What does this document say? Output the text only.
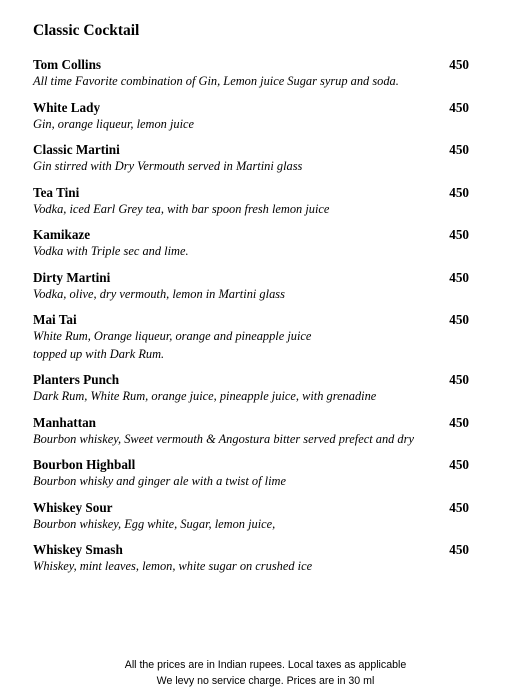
Classic Cocktail
Tom Collins	450
All time Favorite combination of Gin, Lemon juice Sugar syrup and soda.
White Lady	450
Gin, orange liqueur, lemon juice
Classic Martini	450
Gin stirred with Dry Vermouth served in Martini glass
Tea Tini	450
Vodka, iced Earl Grey tea, with bar spoon fresh lemon juice
Kamikaze	450
Vodka with Triple sec and lime.
Dirty Martini	450
Vodka, olive, dry vermouth, lemon in Martini glass
Mai Tai	450
White Rum, Orange liqueur, orange and pineapple juice
topped up with Dark Rum.
Planters Punch	450
Dark Rum, White Rum, orange juice, pineapple juice, with grenadine
Manhattan	450
Bourbon whiskey, Sweet vermouth & Angostura bitter served prefect and dry
Bourbon Highball	450
Bourbon whisky and ginger ale with a twist of lime
Whiskey Sour	450
Bourbon whiskey, Egg white, Sugar, lemon juice,
Whiskey Smash	450
Whiskey, mint leaves, lemon, white sugar on crushed ice
All the prices are in Indian rupees. Local taxes as applicable
We levy no service charge. Prices are in 30 ml
